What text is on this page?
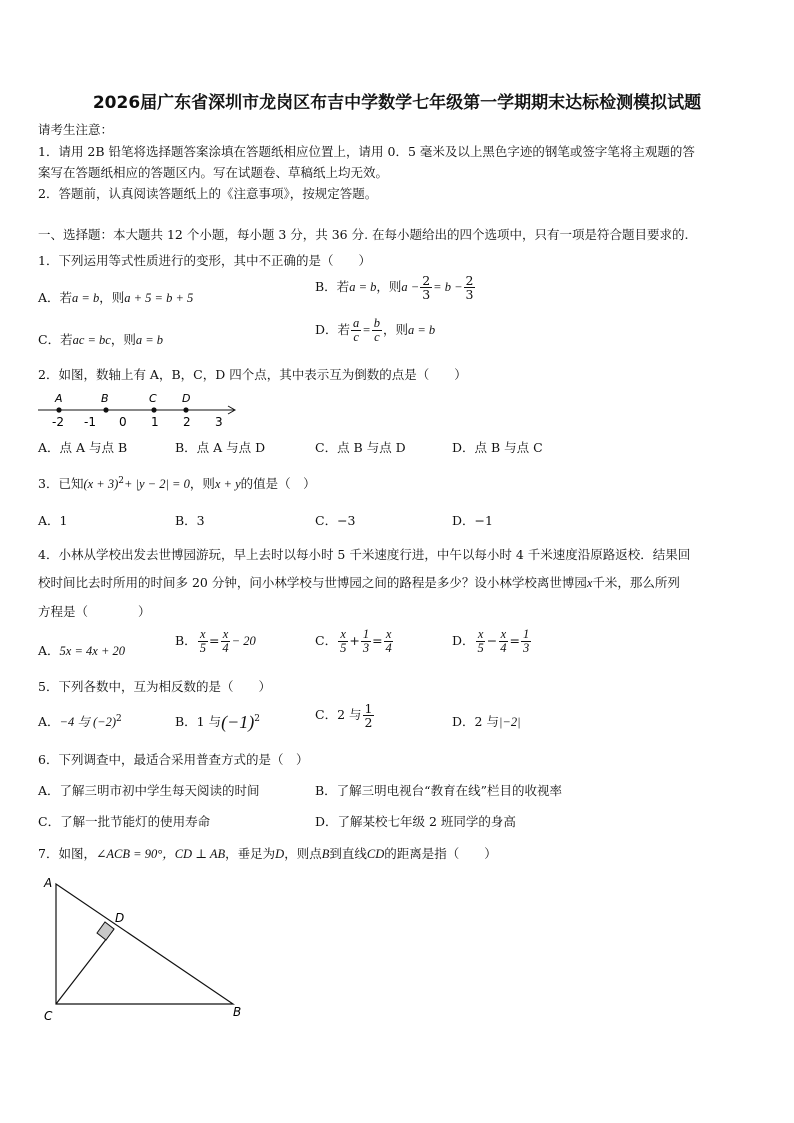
2026届广东省深圳市龙岗区布吉中学数学七年级第一学期期末达标检测模拟试题
请考生注意：
1．请用 2B 铅笔将选择题答案涂填在答题纸相应位置上，请用 0．5 毫米及以上黑色字迹的钢笔或签字笔将主观题的答
案写在答题纸相应的答题区内。写在试题卷、草稿纸上均无效。
2．答题前，认真阅读答题纸上的《注意事项》，按规定答题。
一、选择题：本大题共 12 个小题，每小题 3 分，共 36 分. 在每小题给出的四个选项中，只有一项是符合题目要求的.
1．下列运用等式性质进行的变形，其中不正确的是（　　）
A．若a = b，则a + 5 = b + 5
B．若a = b，则$a - \frac{2}{3} = b - \frac{2}{3}$
C．若ac = bc，则a = b
D．若 $\frac{a}{c} = \frac{b}{c}$ ，则a = b
2．如图，数轴上有 A，B，C，D 四个点，其中表示互为倒数的点是（　　）
A	B	C D
-2 -1 0 1 2 3
A．点 A 与点 B	B．点 A 与点 D	C．点 B 与点 D	D．点 B 与点 C
3．已知$(x + 3)^2+ |y - 2| = 0$，则x + y的值是（　）
A．1	B．3	C．−3	D．−1
4．小林从学校出发去世博园游玩，早上去时以每小时 5 千米速度行进，中午以每小时 4 千米速度沿原路返校．结果回
校时间比去时所用的时间多 20 分钟，问小林学校与世博园之间的路程是多少？设小林学校离世博园x千米，那么所列
方程是（　　　　）
A．5x = 4x + 20
B． $\frac{x}{5} = \frac{x}{4} - 20$	C． $\frac{x}{5} + \frac{1}{3} = \frac{x}{4}$	D． $\frac{x}{5} - \frac{x}{4} = \frac{1}{3}$
5．下列各数中，互为相反数的是（　　）
A．−4 与 $(-2)^2$	B．1 与$(-1)^2$	C．2 与 $\frac{1}{2}$	D．2 与|−2|
6．下列调查中，最适合采用普查方式的是（　）
A．了解三明市初中学生每天阅读的时间	B．了解三明电视台“教育在线”栏目的收视率
C．了解一批节能灯的使用寿命	D．了解某校七年级 2 班同学的身高
7．如图，∠ACB = 90°，CD ⊥ AB，垂足为D，则点B到直线CD的距离是指（　　）
A
D
C	B
